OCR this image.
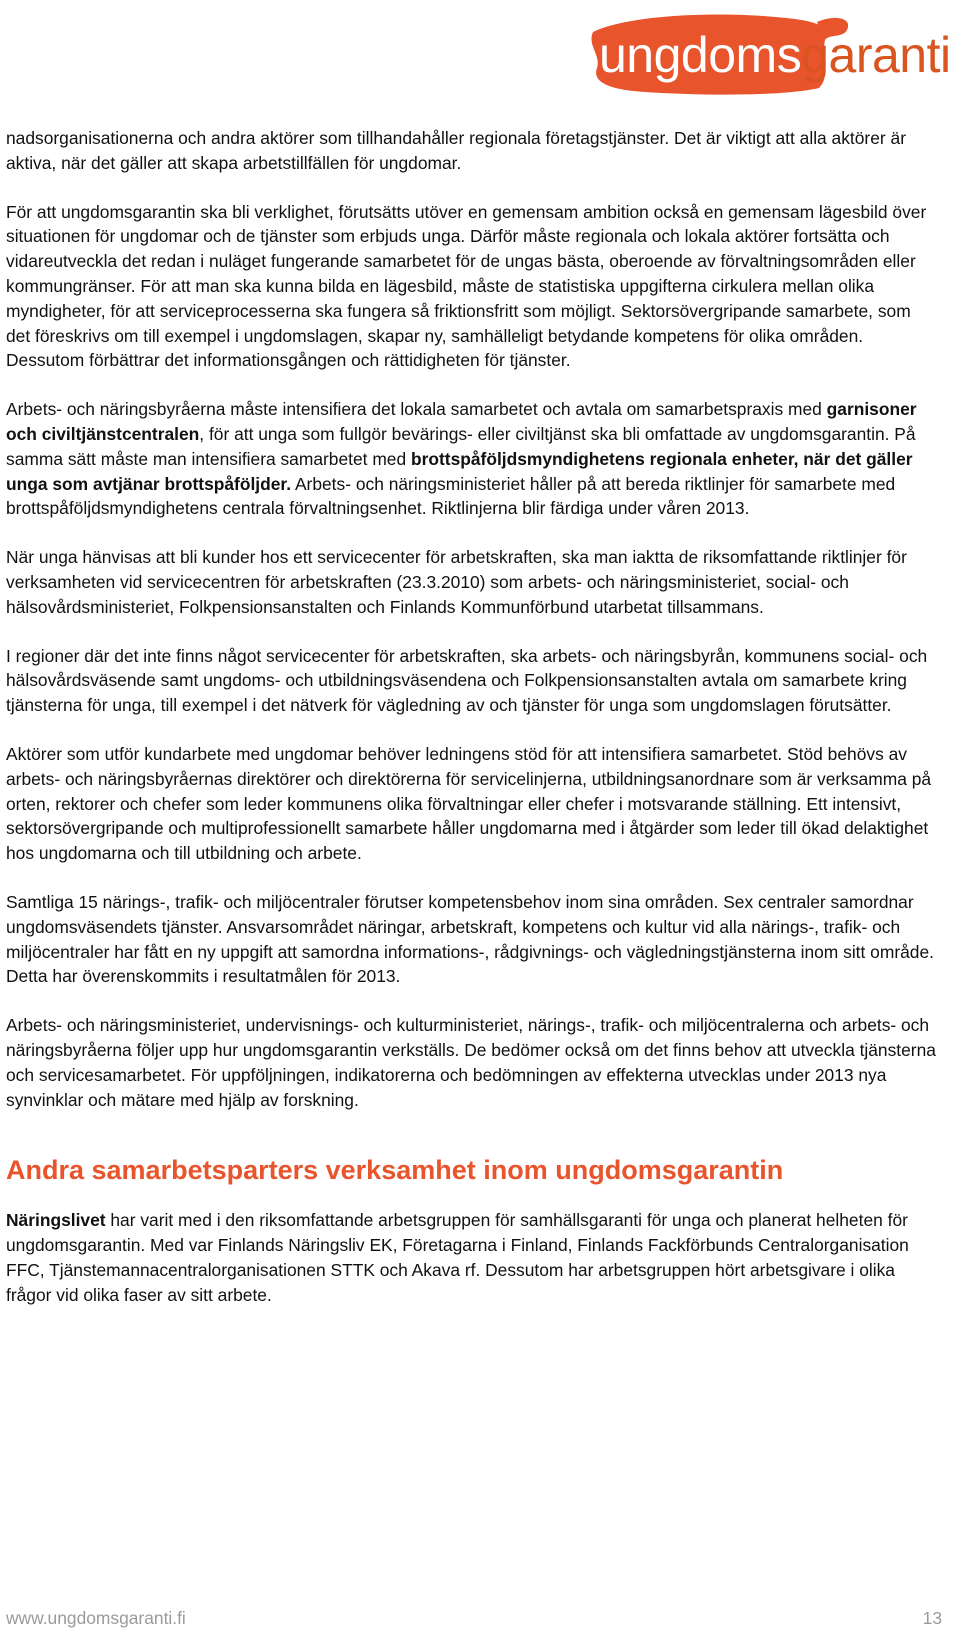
ungdomsgaranti

nadsorganisationerna och andra aktörer som tillhandahåller regionala företagstjänster. Det är viktigt att alla aktörer är aktiva, när det gäller att skapa arbetstillfällen för ungdomar.

För att ungdomsgarantin ska bli verklighet, förutsätts utöver en gemensam ambition också en gemensam lägesbild över situationen för ungdomar och de tjänster som erbjuds unga. Därför måste regionala och lokala aktörer fortsätta och vidareutveckla det redan i nuläget fungerande samarbetet för de ungas bästa, oberoende av förvaltningsområden eller kommungränser. För att man ska kunna bilda en lägesbild, måste de statistiska uppgifterna cirkulera mellan olika myndigheter, för att serviceprocesserna ska fungera så friktionsfritt som möjligt. Sektorsövergripande samarbete, som det föreskrivs om till exempel i ungdomslagen, skapar ny, samhälleligt betydande kompetens för olika områden. Dessutom förbättrar det informationsgången och rättidigheten för tjänster.

Arbets- och näringsbyråerna måste intensifiera det lokala samarbetet och avtala om samarbetspraxis med garnisoner och civiltjänstcentralen, för att unga som fullgör bevärings- eller civiltjänst ska bli omfattade av ungdomsgarantin. På samma sätt måste man intensifiera samarbetet med brottspåföljdsmyndighetens regionala enheter, när det gäller unga som avtjänar brottspåföljder. Arbets- och näringsministeriet håller på att bereda riktlinjer för samarbete med brottspåföljdsmyndighetens centrala förvaltningsenhet. Riktlinjerna blir färdiga under våren 2013.

När unga hänvisas att bli kunder hos ett servicecenter för arbetskraften, ska man iaktta de riksomfattande riktlinjer för verksamheten vid servicecentren för arbetskraften (23.3.2010) som arbets- och näringsministeriet, social- och hälsovårdsministeriet, Folkpensionsanstalten och Finlands Kommunförbund utarbetat tillsammans.

I regioner där det inte finns något servicecenter för arbetskraften, ska arbets- och näringsbyrån, kommunens social- och hälsovårdsväsende samt ungdoms- och utbildningsväsendena och Folkpensionsanstalten avtala om samarbete kring tjänsterna för unga, till exempel i det nätverk för vägledning av och tjänster för unga som ungdomslagen förutsätter.

Aktörer som utför kundarbete med ungdomar behöver ledningens stöd för att intensifiera samarbetet. Stöd behövs av arbets- och näringsbyråernas direktörer och direktörerna för servicelinjerna, utbildningsanordnare som är verksamma på orten, rektorer och chefer som leder kommunens olika förvaltningar eller chefer i motsvarande ställning. Ett intensivt, sektorsövergripande och multiprofessionellt samarbete håller ungdomarna med i åtgärder som leder till ökad delaktighet hos ungdomarna och till utbildning och arbete.

Samtliga 15 närings-, trafik- och miljöcentraler förutser kompetensbehov inom sina områden. Sex centraler samordnar ungdomsväsendets tjänster. Ansvarsområdet näringar, arbetskraft, kompetens och kultur vid alla närings-, trafik- och miljöcentraler har fått en ny uppgift att samordna informations-, rådgivnings- och vägledningstjänsterna inom sitt område. Detta har överenskommits i resultatmålen för 2013.

Arbets- och näringsministeriet, undervisnings- och kulturministeriet, närings-, trafik- och miljöcentralerna och arbets- och näringsbyråerna följer upp hur ungdomsgarantin verkställs. De bedömer också om det finns behov att utveckla tjänsterna och servicesamarbetet. För uppföljningen, indikatorerna och bedömningen av effekterna utvecklas under 2013 nya synvinklar och mätare med hjälp av forskning.

Andra samarbetsparters verksamhet inom ungdomsgarantin

Näringslivet har varit med i den riksomfattande arbetsgruppen för samhällsgaranti för unga och planerat helheten för ungdomsgarantin. Med var Finlands Näringsliv EK, Företagarna i Finland, Finlands Fackförbunds Centralorganisation FFC, Tjänstemannacentralorganisationen STTK och Akava rf. Dessutom har arbetsgruppen hört arbetsgivare i olika frågor vid olika faser av sitt arbete.

www.ungdomsgaranti.fi	13
